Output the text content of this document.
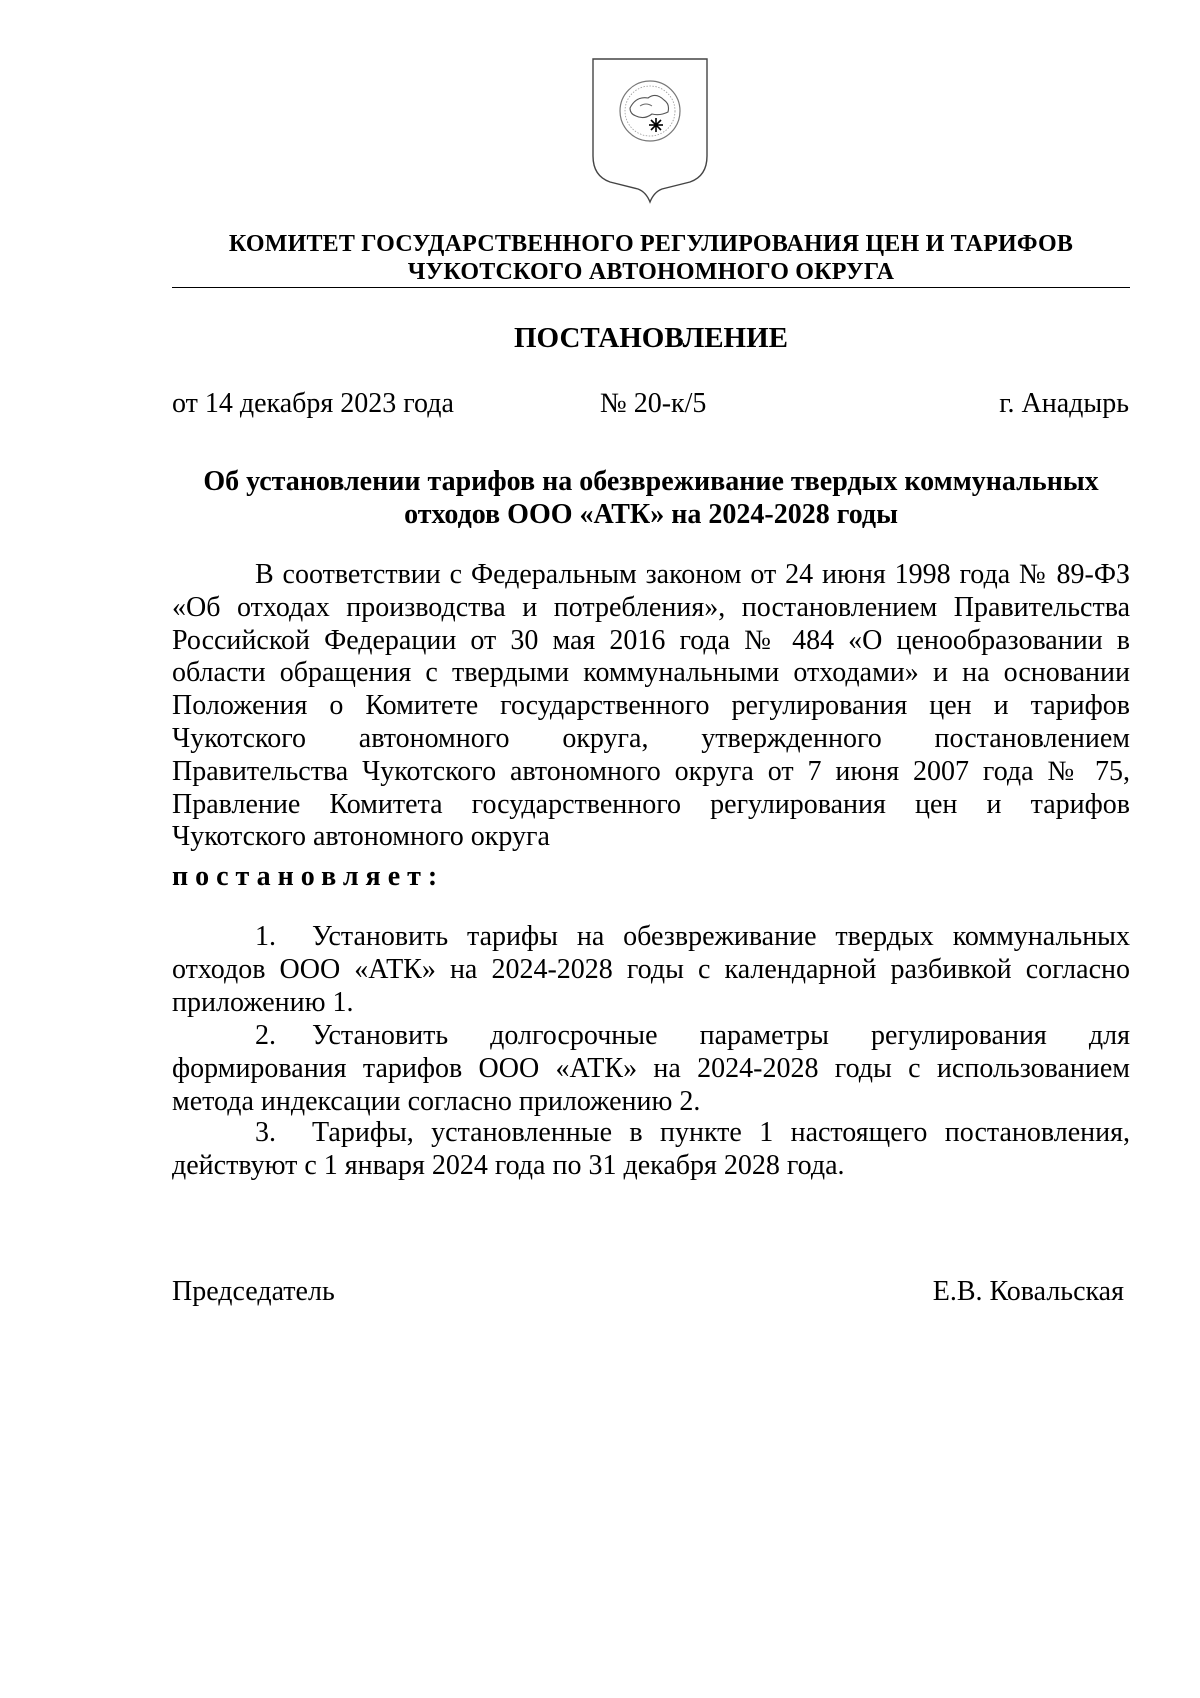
КОМИТЕТ ГОСУДАРСТВЕННОГО РЕГУЛИРОВАНИЯ ЦЕН И ТАРИФОВ
ЧУКОТСКОГО АВТОНОМНОГО ОКРУГА
ПОСТАНОВЛЕНИЕ
от 14 декабря 2023 года	№ 20-к/5	г. Анадырь
Об установлении тарифов на обезвреживание твердых коммунальных
отходов ООО «АТК» на 2024-2028 годы
В соответствии с Федеральным законом от 24 июня 1998 года № 89-ФЗ «Об отходах производства и потребления», постановлением Правительства Российской Федерации от 30 мая 2016 года № 484 «О ценообразовании в области обращения с твердыми коммунальными отходами» и на основании Положения о Комитете государственного регулирования цен и тарифов Чукотского автономного округа, утвержденного постановлением Правительства Чукотского автономного округа от 7 июня 2007 года № 75, Правление Комитета государственного регулирования цен и тарифов Чукотского автономного округа
постановляет:
1. Установить тарифы на обезвреживание твердых коммунальных отходов ООО «АТК» на 2024-2028 годы с календарной разбивкой согласно приложению 1.
2. Установить долгосрочные параметры регулирования для формирования тарифов ООО «АТК» на 2024-2028 годы с использованием метода индексации согласно приложению 2.
3. Тарифы, установленные в пункте 1 настоящего постановления, действуют с 1 января 2024 года по 31 декабря 2028 года.
Председатель	Е.В. Ковальская
